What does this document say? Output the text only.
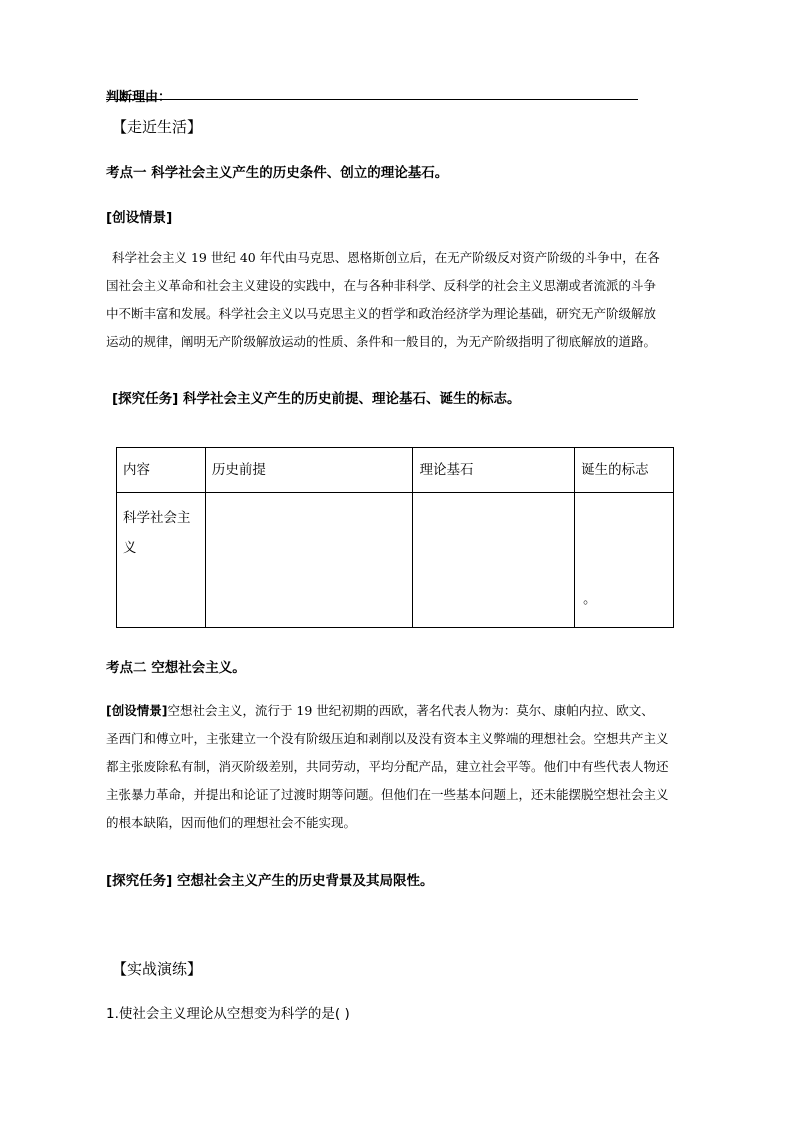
判断理由：
【走近生活】
考点一 科学社会主义产生的历史条件、创立的理论基石。
[创设情景]
科学社会主义 19 世纪 40 年代由马克思、恩格斯创立后，在无产阶级反对资产阶级的斗争中，在各
国社会主义革命和社会主义建设的实践中，在与各种非科学、反科学的社会主义思潮或者流派的斗争
中不断丰富和发展。科学社会主义以马克思主义的哲学和政治经济学为理论基础，研究无产阶级解放
运动的规律，阐明无产阶级解放运动的性质、条件和一般目的，为无产阶级指明了彻底解放的道路。
[探究任务] 科学社会主义产生的历史前提、理论基石、诞生的标志。
内容	历史前提	理论基石	诞生的标志

科学社会主
义			。
考点二 空想社会主义。
[创设情景]空想社会主义，流行于 19 世纪初期的西欧，著名代表人物为：莫尔、康帕内拉、欧文、
圣西门和傅立叶，主张建立一个没有阶级压迫和剥削以及没有资本主义弊端的理想社会。空想共产主义
都主张废除私有制，消灭阶级差别，共同劳动，平均分配产品，建立社会平等。他们中有些代表人物还
主张暴力革命，并提出和论证了过渡时期等问题。但他们在一些基本问题上，还未能摆脱空想社会主义
的根本缺陷，因而他们的理想社会不能实现。
[探究任务] 空想社会主义产生的历史背景及其局限性。
【实战演练】
1.使社会主义理论从空想变为科学的是( )
